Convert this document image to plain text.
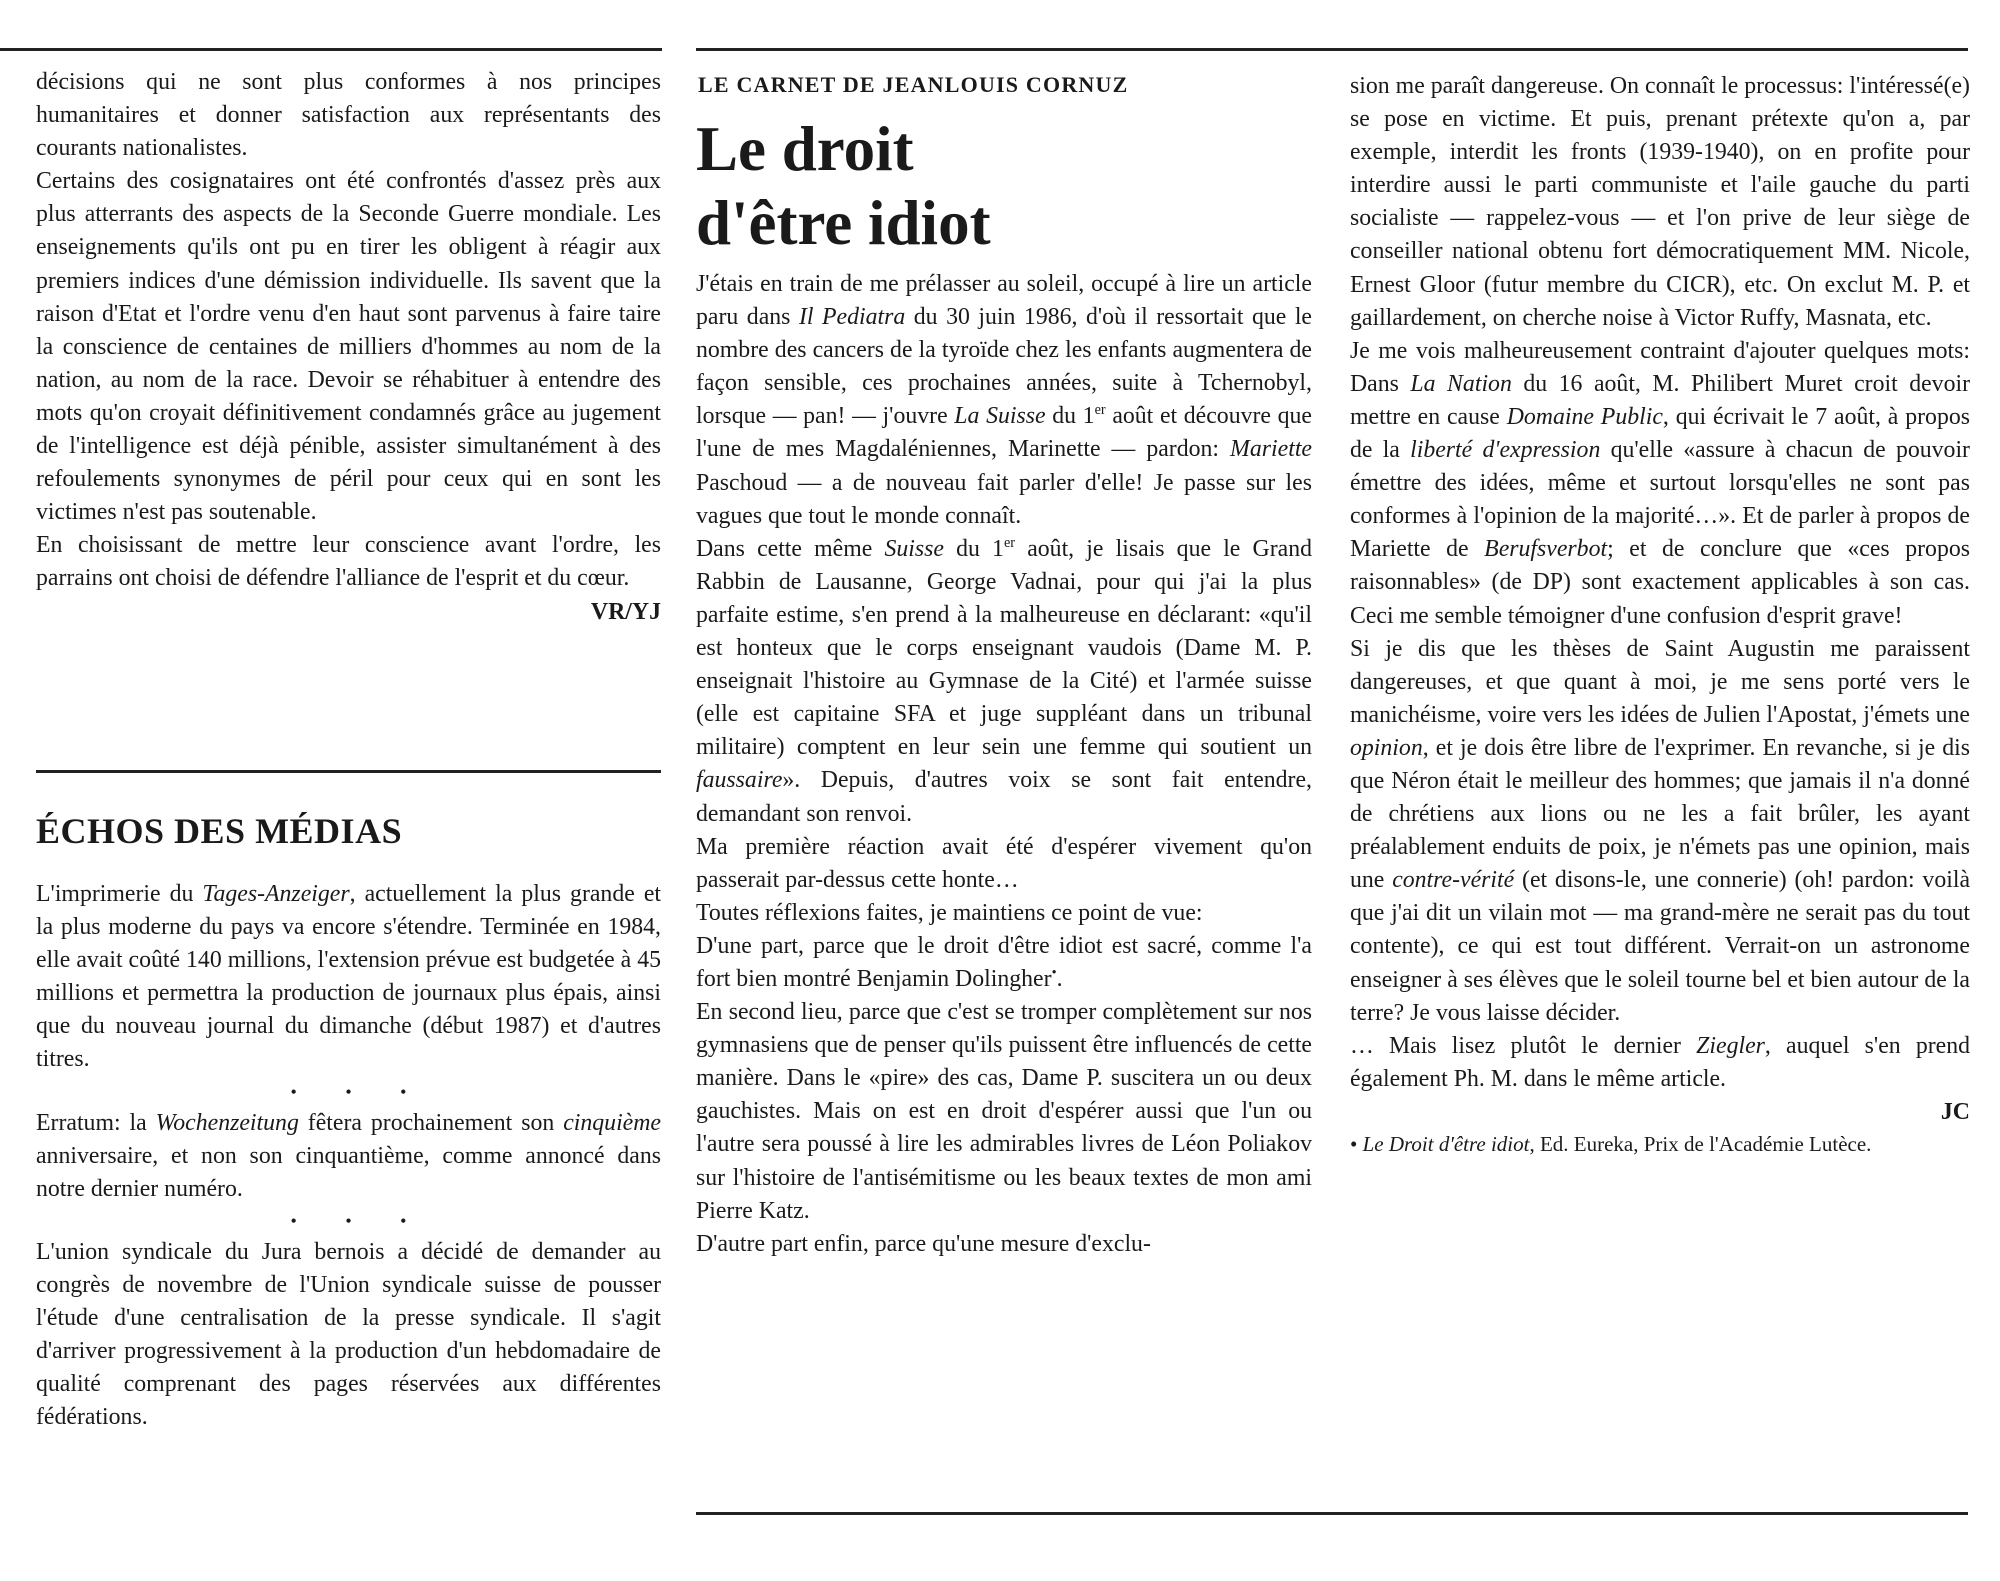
décisions qui ne sont plus conformes à nos principes humanitaires et donner satisfaction aux représentants des courants nationalistes.

Certains des cosignataires ont été confrontés d'assez près aux plus atterrants des aspects de la Seconde Guerre mondiale. Les enseignements qu'ils ont pu en tirer les obligent à réagir aux premiers indices d'une démission individuelle. Ils savent que la raison d'Etat et l'ordre venu d'en haut sont parvenus à faire taire la conscience de centaines de milliers d'hommes au nom de la nation, au nom de la race. Devoir se réhabituer à entendre des mots qu'on croyait définitivement condamnés grâce au jugement de l'intelligence est déjà pénible, assister simultanément à des refoulements synonymes de péril pour ceux qui en sont les victimes n'est pas soutenable.

En choisissant de mettre leur conscience avant l'ordre, les parrains ont choisi de défendre l'alliance de l'esprit et du cœur.
VR/YJ

ÉCHOS DES MÉDIAS

L'imprimerie du Tages-Anzeiger, actuellement la plus grande et la plus moderne du pays va encore s'étendre. Terminée en 1984, elle avait coûté 140 millions, l'extension prévue est budgetée à 45 millions et permettra la production de journaux plus épais, ainsi que du nouveau journal du dimanche (début 1987) et d'autres titres.

• • •

Erratum: la Wochenzeitung fêtera prochainement son cinquième anniversaire, et non son cinquantième, comme annoncé dans notre dernier numéro.

• • •

L'union syndicale du Jura bernois a décidé de demander au congrès de novembre de l'Union syndicale suisse de pousser l'étude d'une centralisation de la presse syndicale. Il s'agit d'arriver progressivement à la production d'un hebdomadaire de qualité comprenant des pages réservées aux différentes fédérations.

LE CARNET DE JEANLOUIS CORNUZ
Le droit
d'être idiot

J'étais en train de me prélasser au soleil, occupé à lire un article paru dans Il Pediatra du 30 juin 1986, d'où il ressortait que le nombre des cancers de la tyroïde chez les enfants augmentera de façon sensible, ces prochaines années, suite à Tchernobyl, lorsque — pan! — j'ouvre La Suisse du 1er août et découvre que l'une de mes Magdaléniennes, Marinette — pardon: Mariette Paschoud — a de nouveau fait parler d'elle! Je passe sur les vagues que tout le monde connaît.

Dans cette même Suisse du 1er août, je lisais que le Grand Rabbin de Lausanne, George Vadnai, pour qui j'ai la plus parfaite estime, s'en prend à la malheureuse en déclarant: «qu'il est honteux que le corps enseignant vaudois (Dame M. P. enseignait l'histoire au Gymnase de la Cité) et l'armée suisse (elle est capitaine SFA et juge suppléant dans un tribunal militaire) comptent en leur sein une femme qui soutient un faussaire». Depuis, d'autres voix se sont fait entendre, demandant son renvoi.

Ma première réaction avait été d'espérer vivement qu'on passerait par-dessus cette honte…

Toutes réflexions faites, je maintiens ce point de vue:

D'une part, parce que le droit d'être idiot est sacré, comme l'a fort bien montré Benjamin Dolingher•.

En second lieu, parce que c'est se tromper complètement sur nos gymnasiens que de penser qu'ils puissent être influencés de cette manière. Dans le «pire» des cas, Dame P. suscitera un ou deux gauchistes. Mais on est en droit d'espérer aussi que l'un ou l'autre sera poussé à lire les admirables livres de Léon Poliakov sur l'histoire de l'antisémitisme ou les beaux textes de mon ami Pierre Katz.

D'autre part enfin, parce qu'une mesure d'exclu-

sion me paraît dangereuse. On connaît le processus: l'intéressé(e) se pose en victime. Et puis, prenant prétexte qu'on a, par exemple, interdit les fronts (1939-1940), on en profite pour interdire aussi le parti communiste et l'aile gauche du parti socialiste — rappelez-vous — et l'on prive de leur siège de conseiller national obtenu fort démocratiquement MM. Nicole, Ernest Gloor (futur membre du CICR), etc. On exclut M. P. et gaillardement, on cherche noise à Victor Ruffy, Masnata, etc.

Je me vois malheureusement contraint d'ajouter quelques mots: Dans La Nation du 16 août, M. Philibert Muret croit devoir mettre en cause Domaine Public, qui écrivait le 7 août, à propos de la liberté d'expression qu'elle «assure à chacun de pouvoir émettre des idées, même et surtout lorsqu'elles ne sont pas conformes à l'opinion de la majorité…». Et de parler à propos de Mariette de Berufsverbot; et de conclure que «ces propos raisonnables» (de DP) sont exactement applicables à son cas. Ceci me semble témoigner d'une confusion d'esprit grave!

Si je dis que les thèses de Saint Augustin me paraissent dangereuses, et que quant à moi, je me sens porté vers le manichéisme, voire vers les idées de Julien l'Apostat, j'émets une opinion, et je dois être libre de l'exprimer. En revanche, si je dis que Néron était le meilleur des hommes; que jamais il n'a donné de chrétiens aux lions ou ne les a fait brûler, les ayant préalablement enduits de poix, je n'émets pas une opinion, mais une contre-vérité (et disons-le, une connerie) (oh! pardon: voilà que j'ai dit un vilain mot — ma grand-mère ne serait pas du tout contente), ce qui est tout différent. Verrait-on un astronome enseigner à ses élèves que le soleil tourne bel et bien autour de la terre? Je vous laisse décider.

… Mais lisez plutôt le dernier Ziegler, auquel s'en prend également Ph. M. dans le même article.

JC

• Le Droit d'être idiot, Ed. Eureka, Prix de l'Académie Lutèce.
